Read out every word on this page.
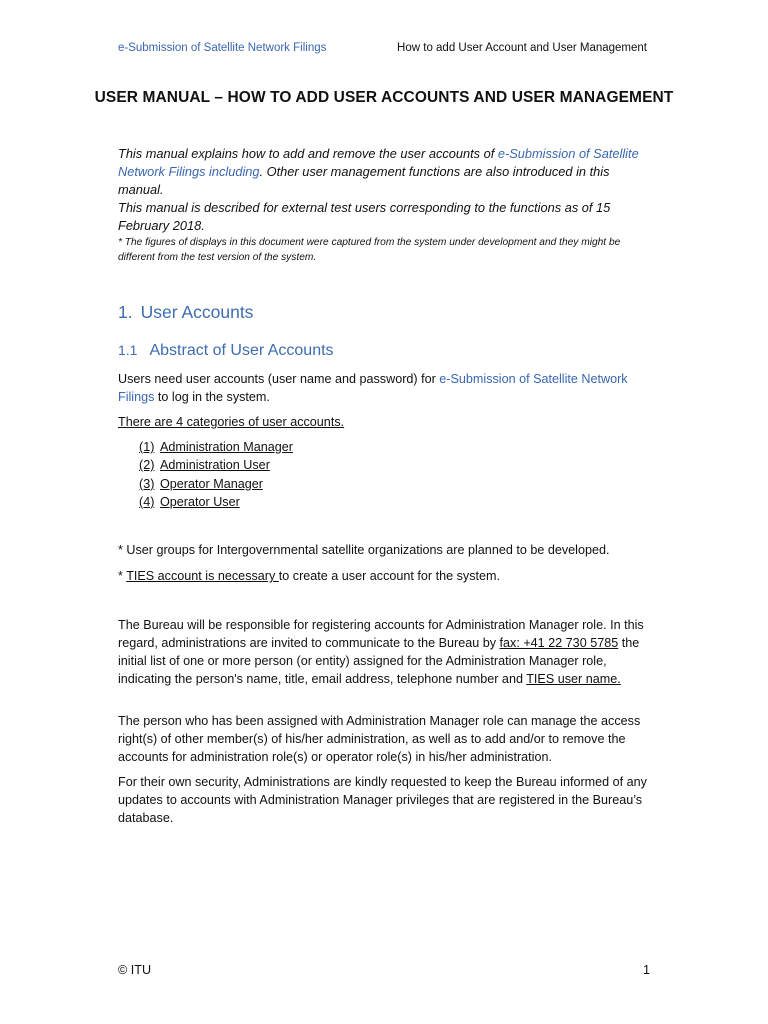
e-Submission of Satellite Network Filings	How to add User Account and User Management
USER MANUAL – HOW TO ADD USER ACCOUNTS AND USER MANAGEMENT

This manual explains how to add and remove the user accounts of e-Submission of Satellite Network Filings including. Other user management functions are also introduced in this manual.

This manual is described for external test users corresponding to the functions as of 15 February 2018.

* The figures of displays in this document were captured from the system under development and they might be different from the test version of the system.

1. User Accounts
1.1 Abstract of User Accounts

Users need user accounts (user name and password) for e-Submission of Satellite Network Filings to log in the system.

There are 4 categories of user accounts.

(1) Administration Manager
(2) Administration User
(3) Operator Manager
(4) Operator User

* User groups for Intergovernmental satellite organizations are planned to be developed.

* TIES account is necessary to create a user account for the system.

The Bureau will be responsible for registering accounts for Administration Manager role. In this regard, administrations are invited to communicate to the Bureau by fax: +41 22 730 5785 the initial list of one or more person (or entity) assigned for the Administration Manager role, indicating the person's name, title, email address, telephone number and TIES user name.

The person who has been assigned with Administration Manager role can manage the access right(s) of other member(s) of his/her administration, as well as to add and/or to remove the accounts for administration role(s) or operator role(s) in his/her administration.

For their own security, Administrations are kindly requested to keep the Bureau informed of any updates to accounts with Administration Manager privileges that are registered in the Bureau’s database.

© ITU	1
